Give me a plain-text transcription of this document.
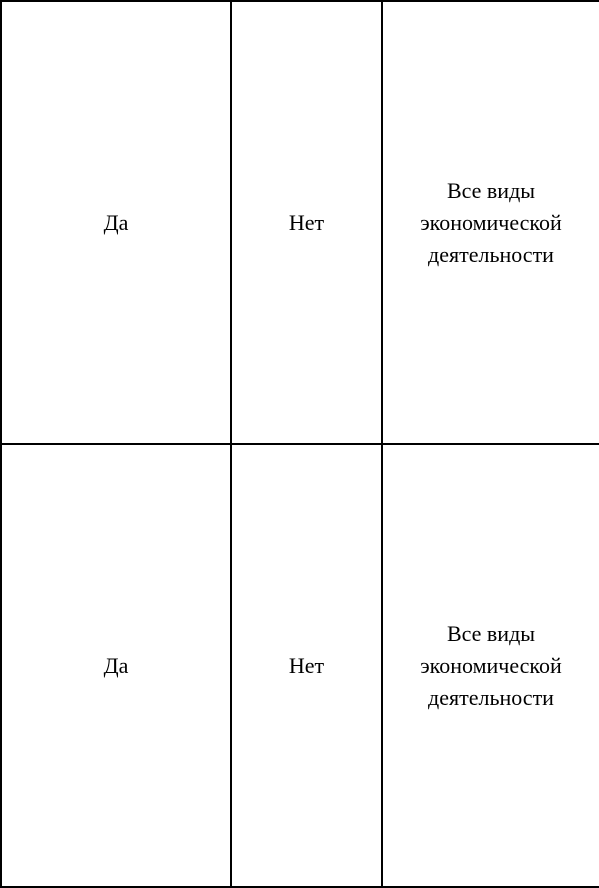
Да	Нет	Все виды экономической деятельности

Да	Нет	Все виды экономической деятельности
